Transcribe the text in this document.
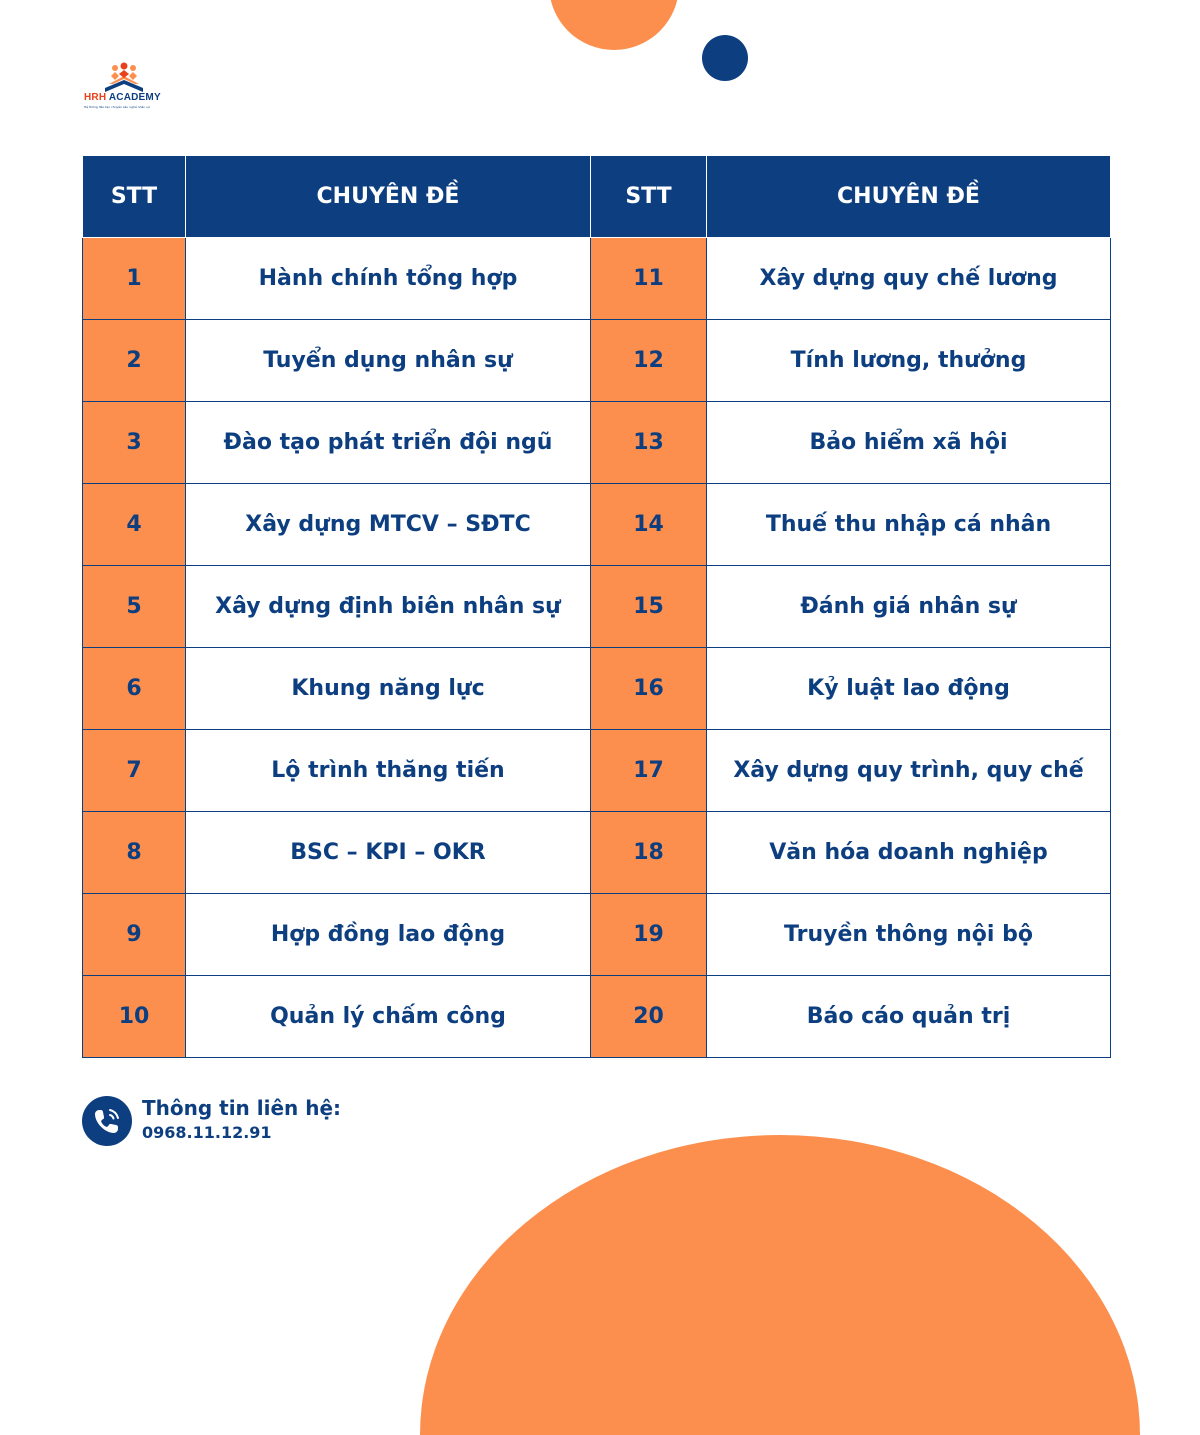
HRH ACADEMY
Hệ thống đào tạo chuyên sâu nghề nhân sự
STT	CHUYÊN ĐỀ	STT	CHUYÊN ĐỀ
1	Hành chính tổng hợp	11	Xây dựng quy chế lương
2	Tuyển dụng nhân sự	12	Tính lương, thưởng
3	Đào tạo phát triển đội ngũ	13	Bảo hiểm xã hội
4	Xây dựng MTCV – SĐTC	14	Thuế thu nhập cá nhân
5	Xây dựng định biên nhân sự	15	Đánh giá nhân sự
6	Khung năng lực	16	Kỷ luật lao động
7	Lộ trình thăng tiến	17	Xây dựng quy trình, quy chế
8	BSC – KPI – OKR	18	Văn hóa doanh nghiệp
9	Hợp đồng lao động	19	Truyền thông nội bộ
10	Quản lý chấm công	20	Báo cáo quản trị
Thông tin liên hệ:
0968.11.12.91
